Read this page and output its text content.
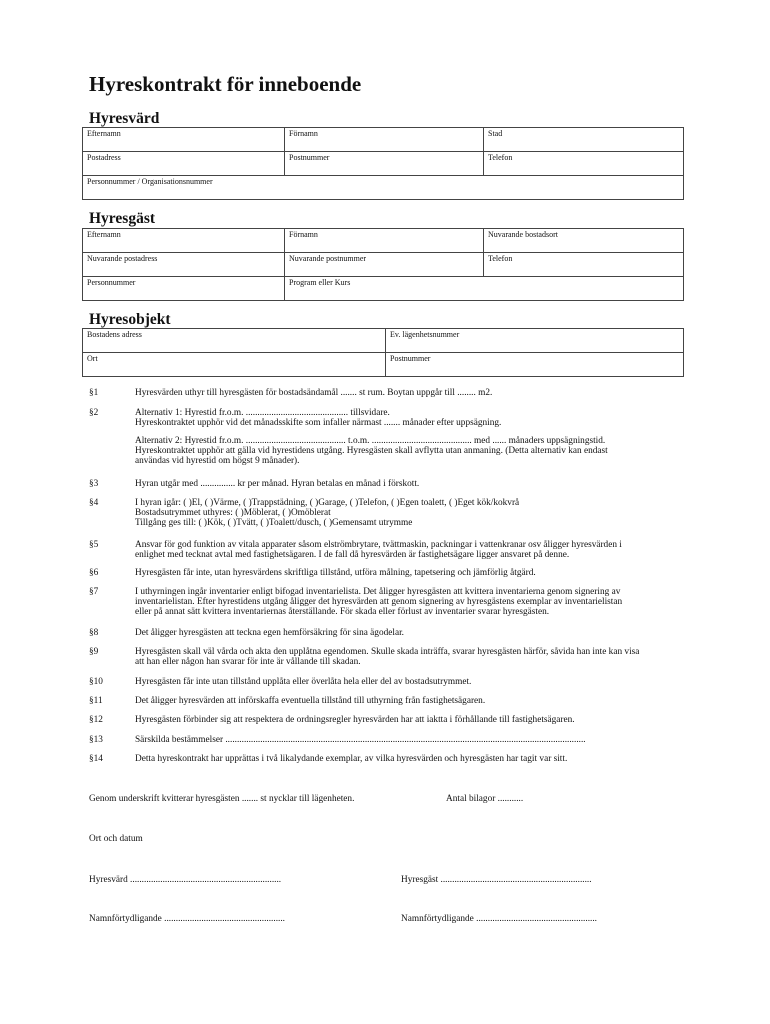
Hyreskontrakt för inneboende
Hyresvärd
Efternamn	Förnamn	Stad
Postadress	Postnummer	Telefon
Personnummer / Organisationsnummer		
Hyresgäst
Efternamn	Förnamn	Nuvarande bostadsort
Nuvarande postadress	Nuvarande postnummer	Telefon
Personnummer	Program eller Kurs	
Hyresobjekt
Bostadens adress	Ev. lägenhetsnummer
Ort	Postnummer
§1	Hyresvärden uthyr till hyresgästen för bostadsändamål ....... st rum. Boytan uppgår till ........ m2.
§2	Alternativ 1: Hyrestid fr.o.m. ............................................ tillsvidare.
Hyreskontraktet upphör vid det månadsskifte som infaller närmast ....... månader efter uppsägning.
Alternativ 2: Hyrestid fr.o.m. ........................................... t.o.m. ........................................... med ...... månaders uppsägningstid.
Hyreskontraktet upphör att gälla vid hyrestidens utgång. Hyresgästen skall avflytta utan anmaning. (Detta alternativ kan endast
användas vid hyrestid om högst 9 månader).
§3	Hyran utgår med ............... kr per månad. Hyran betalas en månad i förskott.
§4	I hyran igår: ( )El, ( )Värme, ( )Trappstädning, ( )Garage, ( )Telefon, ( )Egen toalett, ( )Eget kök/kokvrå
Bostadsutrymmet uthyres: ( )Möblerat, ( )Omöblerat
Tillgång ges till: ( )Kök, ( )Tvätt, ( )Toalett/dusch, ( )Gemensamt utrymme
§5	Ansvar för god funktion av vitala apparater såsom elströmbrytare, tvättmaskin, packningar i vattenkranar osv åligger hyresvärden i
enlighet med tecknat avtal med fastighetsägaren. I de fall då hyresvärden är fastighetsägare ligger ansvaret på denne.
§6	Hyresgästen får inte, utan hyresvärdens skriftliga tillstånd, utföra målning, tapetsering och jämförlig åtgärd.
§7	I uthyrningen ingår inventarier enligt bifogad inventarielista. Det åligger hyresgästen att kvittera inventarierna genom signering av
inventarielistan. Efter hyrestidens utgång åligger det hyresvärden att genom signering av hyresgästens exemplar av inventarielistan
eller på annat sätt kvittera inventariernas återställande. För skada eller förlust av inventarier svarar hyresgästen.
§8	Det åligger hyresgästen att teckna egen hemförsäkring för sina ägodelar.
§9	Hyresgästen skall väl vårda och akta den upplåtna egendomen. Skulle skada inträffa, svarar hyresgästen härför, såvida han inte kan visa
att han eller någon han svarar för inte är vållande till skadan.
§10	Hyresgästen får inte utan tillstånd upplåta eller överlåta hela eller del av bostadsutrymmet.
§11	Det åligger hyresvärden att införskaffa eventuella tillstånd till uthyrning från fastighetsägaren.
§12	Hyresgästen förbinder sig att respektera de ordningsregler hyresvärden har att iaktta i förhållande till fastighetsägaren.
§13	Särskilda bestämmelser ...........................................................................................................................................................
§14	Detta hyreskontrakt har upprättas i två likalydande exemplar, av vilka hyresvärden och hyresgästen har tagit var sitt.
Genom underskrift kvitterar hyresgästen ....... st nycklar till lägenheten.	Antal bilagor ...........
Ort och datum
Hyresvärd .................................................................	Hyresgäst .................................................................
Namnförtydligande ....................................................	Namnförtydligande ....................................................
